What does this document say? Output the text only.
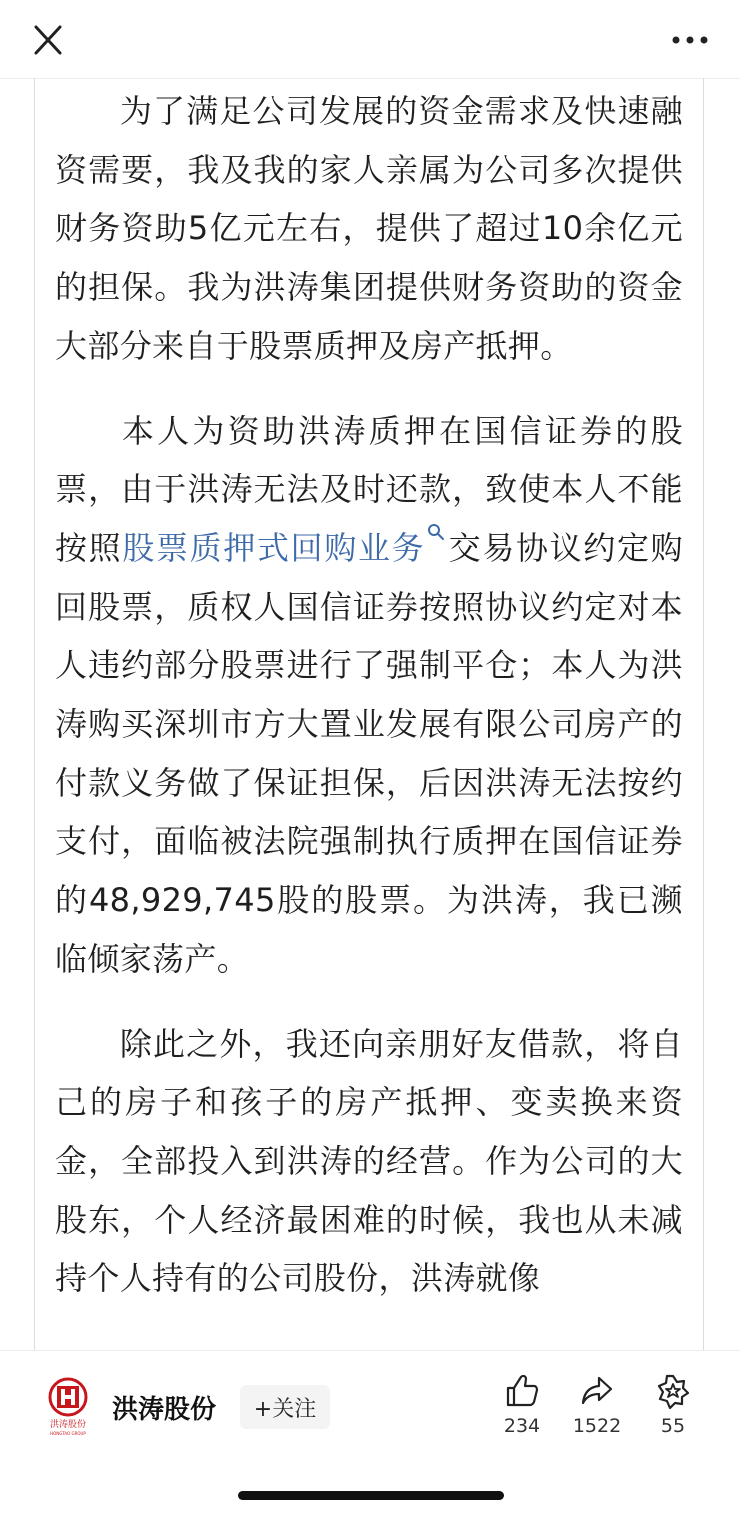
为了满足公司发展的资金需求及快速融资需要，我及我的家人亲属为公司多次提供财务资助5亿元左右，提供了超过10余亿元的担保。我为洪涛集团提供财务资助的资金大部分来自于股票质押及房产抵押。

本人为资助洪涛质押在国信证券的股票，由于洪涛无法及时还款，致使本人不能按照股票质押式回购业务 交易协议约定购回股票，质权人国信证券按照协议约定对本人违约部分股票进行了强制平仓；本人为洪涛购买深圳市方大置业发展有限公司房产的付款义务做了保证担保，后因洪涛无法按约支付，面临被法院强制执行质押在国信证券的48,929,745股的股票。为洪涛，我已濒临倾家荡产。

除此之外，我还向亲朋好友借款，将自己的房子和孩子的房产抵押、变卖换来资金，全部投入到洪涛的经营。作为公司的大股东，个人经济最困难的时候，我也从未减持个人持有的公司股份，洪涛就像

洪涛股份
HONGTAO GROUP
洪涛股份	+关注
234	1522	55
